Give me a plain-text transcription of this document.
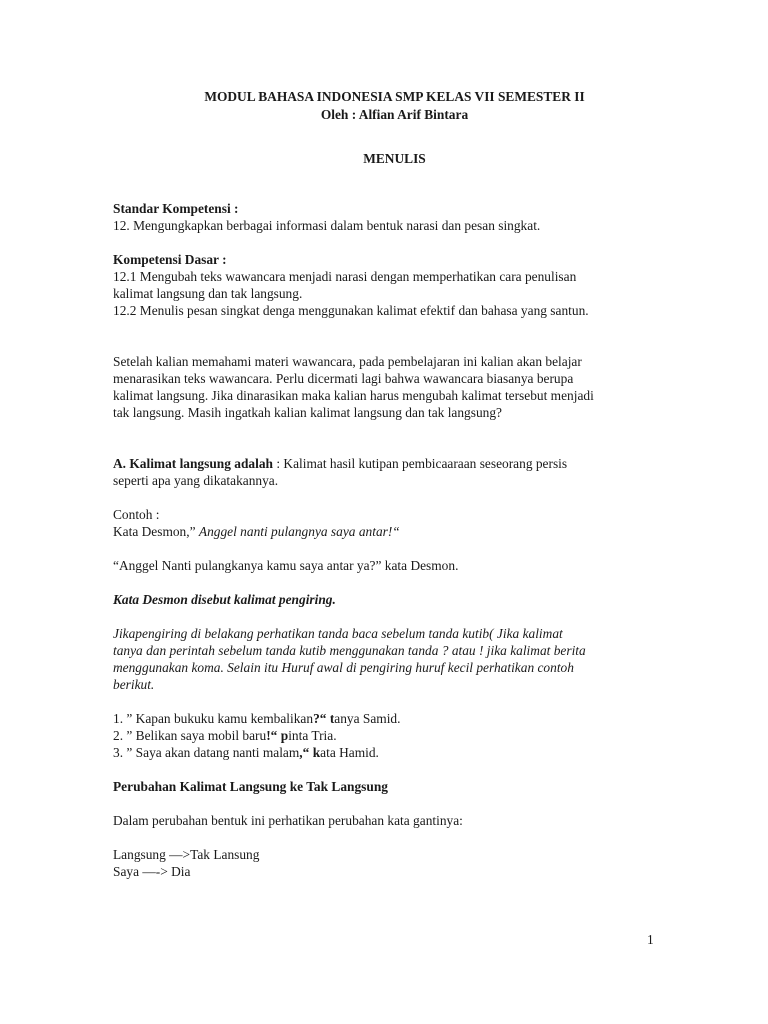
MODUL BAHASA INDONESIA SMP KELAS VII SEMESTER II

Oleh : Alfian Arif Bintara

MENULIS

Standar Kompetensi :

12. Mengungkapkan berbagai informasi dalam bentuk narasi dan pesan singkat.

Kompetensi Dasar :

12.1 Mengubah teks wawancara menjadi narasi dengan memperhatikan cara penulisan

kalimat langsung dan tak langsung.

12.2 Menulis pesan singkat denga menggunakan kalimat efektif dan bahasa yang santun.

Setelah kalian memahami materi wawancara, pada pembelajaran ini kalian akan belajar

menarasikan teks wawancara. Perlu dicermati lagi bahwa wawancara biasanya berupa

kalimat langsung. Jika dinarasikan maka kalian harus mengubah kalimat tersebut menjadi

tak langsung. Masih ingatkah kalian kalimat langsung dan tak langsung?

A. Kalimat langsung adalah : Kalimat hasil kutipan pembicaaraan seseorang persis

seperti apa yang dikatakannya.

Contoh :

Kata Desmon,” Anggel nanti pulangnya saya antar!“

“Anggel Nanti pulangkanya kamu saya antar ya?” kata Desmon.

Kata Desmon disebut kalimat pengiring.

Jikapengiring di belakang perhatikan tanda baca sebelum tanda kutib( Jika kalimat

tanya dan perintah sebelum tanda kutib menggunakan tanda ? atau ! jika kalimat berita

menggunakan koma. Selain itu Huruf awal di pengiring huruf kecil perhatikan contoh

berikut.

1. ” Kapan bukuku kamu kembalikan?“ tanya Samid.

2. ” Belikan saya mobil baru!“ pinta Tria.

3. ” Saya akan datang nanti malam,“ kata Hamid.

Perubahan Kalimat Langsung ke Tak Langsung

Dalam perubahan bentuk ini perhatikan perubahan kata gantinya:

Langsung —>Tak Lansung

Saya —-> Dia

1
